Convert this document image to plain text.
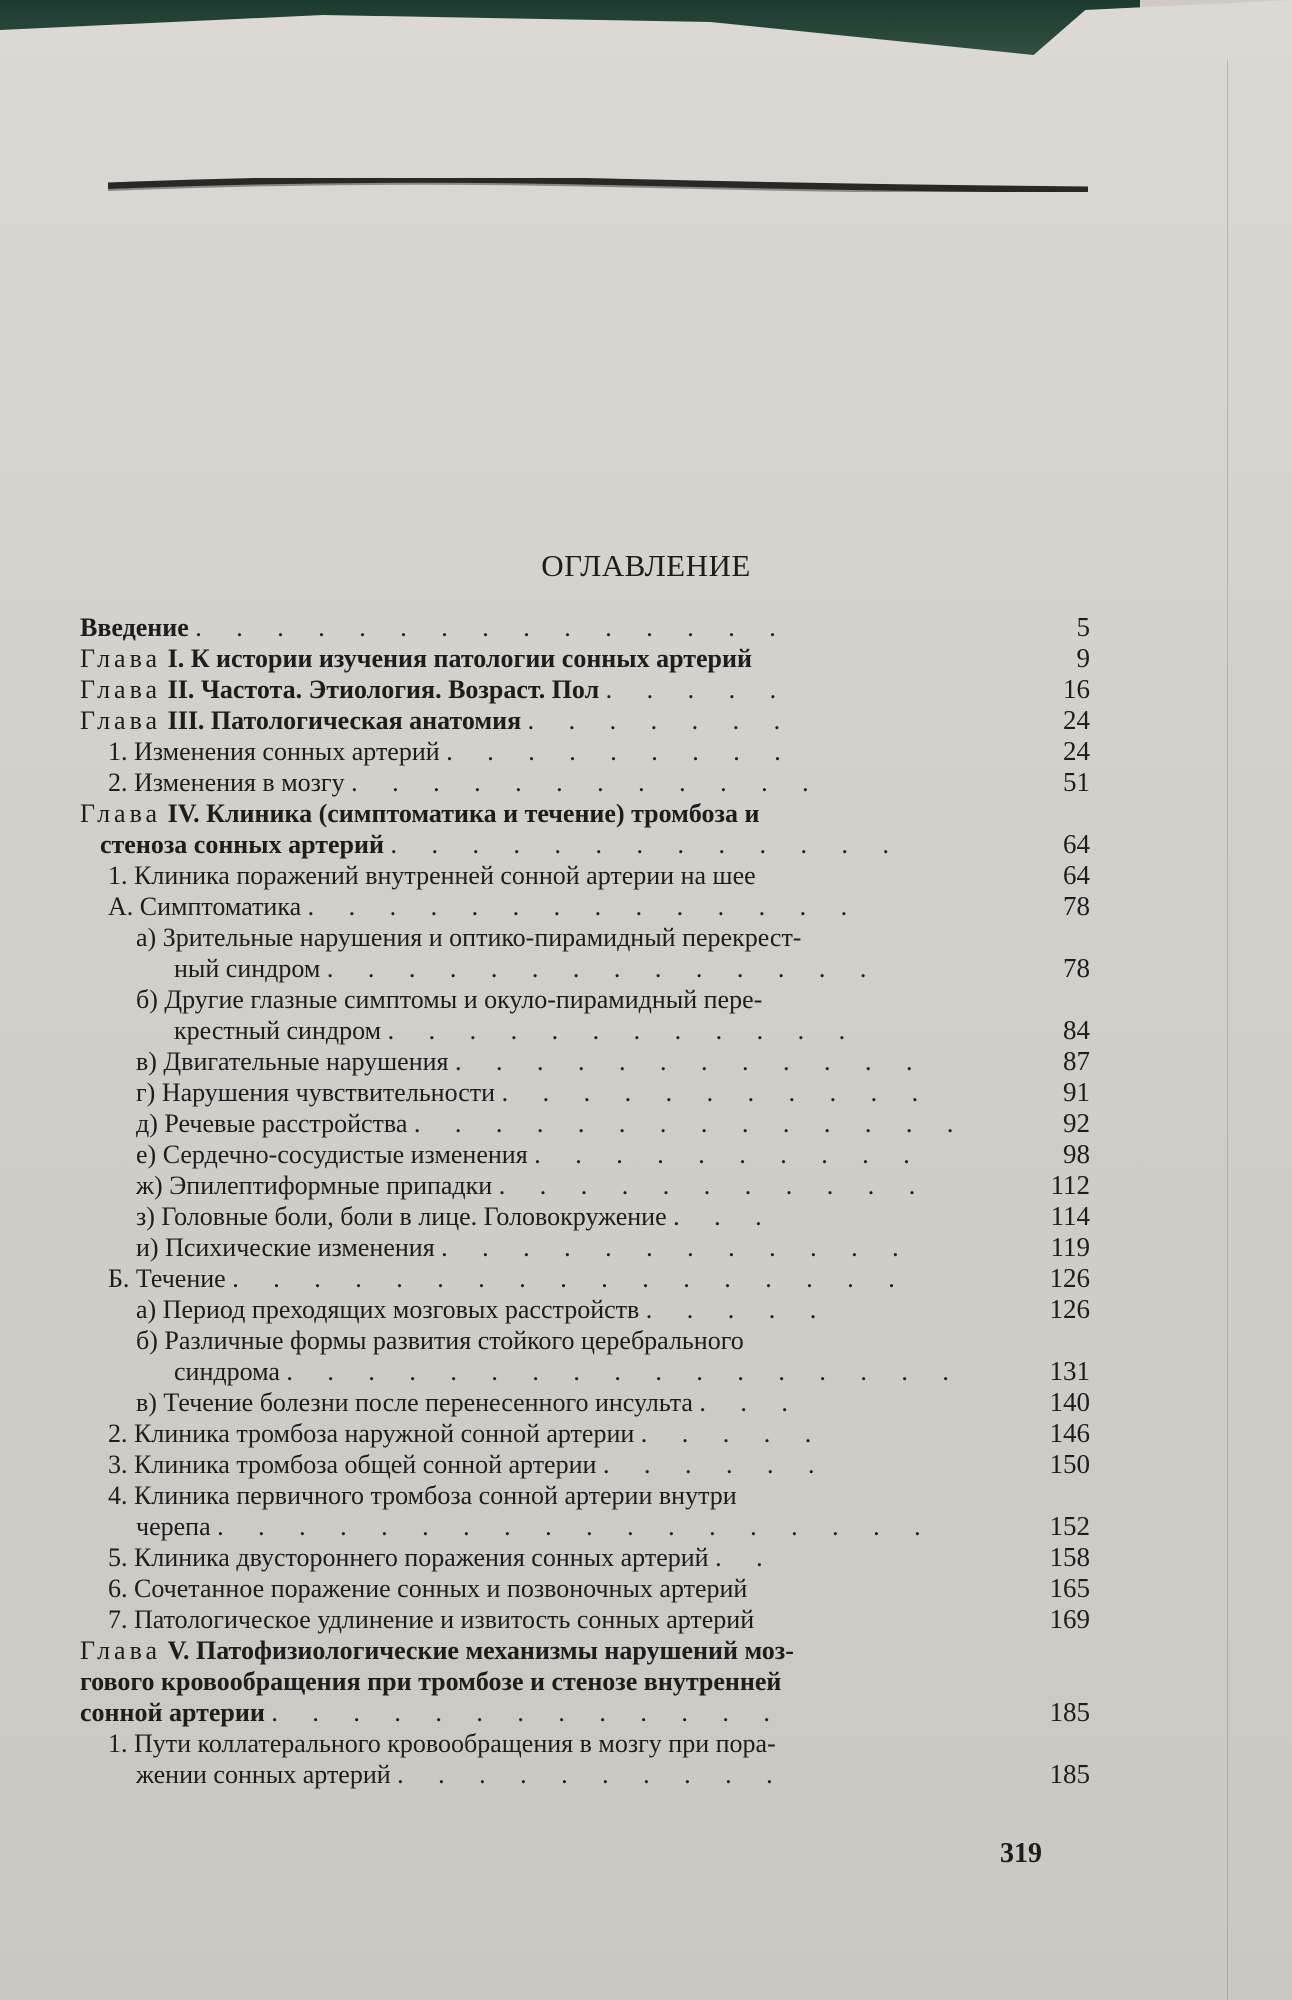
ОГЛАВЛЕНИЕ
Введение . . . . . . . . . . . . . . .	5
Глава I. К истории изучения патологии сонных артерий	9
Глава II. Частота. Этиология. Возраст. Пол . . . . .	16
Глава III. Патологическая анатомия . . . . . . .	24
1. Изменения сонных артерий . . . . . . . . .	24
2. Изменения в мозгу . . . . . . . . . . . .	51
Глава IV. Клиника (симптоматика и течение) тромбоза и
стеноза сонных артерий . . . . . . . . . . . . .	64
1. Клиника поражений внутренней сонной артерии на шее	64
А. Симптоматика . . . . . . . . . . . . . .	78
а) Зрительные нарушения и оптико-пирамидный перекрест-
ный синдром . . . . . . . . . . . . . .	78
б) Другие глазные симптомы и окуло-пирамидный пере-
крестный синдром . . . . . . . . . . . .	84
в) Двигательные нарушения . . . . . . . . . . . .	87
г) Нарушения чувствительности . . . . . . . . . . .	91
д) Речевые расстройства . . . . . . . . . . . . . .	92
е) Сердечно-сосудистые изменения . . . . . . . . . .	98
ж) Эпилептиформные припадки . . . . . . . . . . .	112
з) Головные боли, боли в лице. Головокружение . . .	114
и) Психические изменения . . . . . . . . . . . .	119
Б. Течение . . . . . . . . . . . . . . . . .	126
а) Период преходящих мозговых расстройств . . . . .	126
б) Различные формы развития стойкого церебрального
синдрома . . . . . . . . . . . . . . . . .	131
в) Течение болезни после перенесенного инсульта . . .	140
2. Клиника тромбоза наружной сонной артерии . . . . .	146
3. Клиника тромбоза общей сонной артерии . . . . . .	150
4. Клиника первичного тромбоза сонной артерии внутри
черепа . . . . . . . . . . . . . . . . . .	152
5. Клиника двустороннего поражения сонных артерий . .	158
6. Сочетанное поражение сонных и позвоночных артерий	165
7. Патологическое удлинение и извитость сонных артерий	169
Глава V. Патофизиологические механизмы нарушений моз-
гового кровообращения при тромбозе и стенозе внутренней
сонной артерии . . . . . . . . . . . . .	185
1. Пути коллатерального кровообращения в мозгу при пора-
жении сонных артерий . . . . . . . . . .	185
319
